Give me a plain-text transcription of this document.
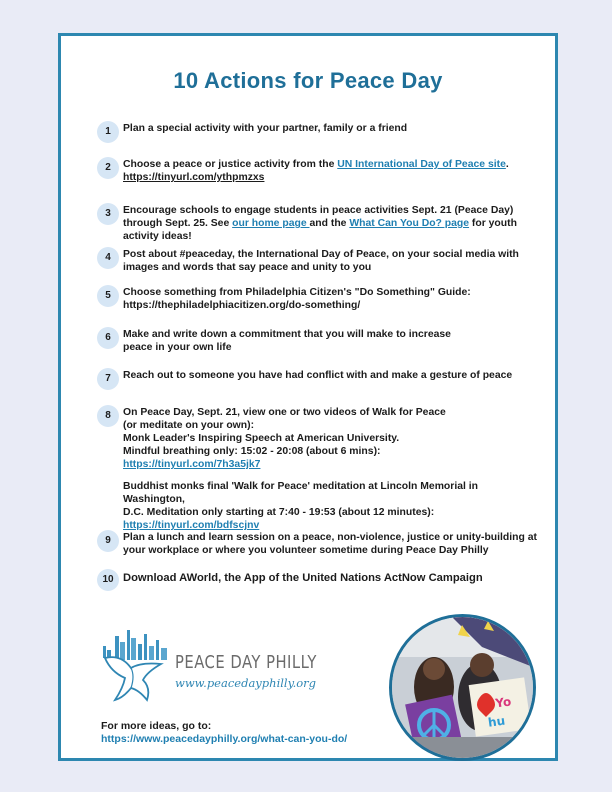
10 Actions for Peace Day
1	Plan a special activity with your partner, family or a friend
2	Choose a peace or justice activity from the UN International Day of Peace site.
https://tinyurl.com/ythpmzxs
3	Encourage schools to engage students in peace activities Sept. 21 (Peace Day) through Sept. 25. See our home page and the What Can You Do? page for youth activity ideas!
4	Post about #peaceday, the International Day of Peace, on your social media with
images and words that say peace and unity to you
5	Choose something from Philadelphia Citizen's "Do Something" Guide:
https://thephiladelphiacitizen.org/do-something/
6	Make and write down a commitment that you will make to increase
peace in your own life
7	Reach out to someone you have had conflict with and make a gesture of peace
8	On Peace Day, Sept. 21, view one or two videos of Walk for Peace
(or meditate on your own):
Monk Leader's Inspiring Speech at American University.
Mindful breathing only: 15:02 - 20:08 (about 6 mins):
https://tinyurl.com/7h3a5jk7
Buddhist monks final 'Walk for Peace' meditation at Lincoln Memorial in Washington,
D.C. Meditation only starting at 7:40 - 19:53 (about 12 minutes):
https://tinyurl.com/bdfscjnv
9	Plan a lunch and learn session on a peace, non-violence, justice or unity-building at
your workplace or where you volunteer sometime during Peace Day Philly
10 Download AWorld, the App of the United Nations ActNow Campaign
PEACE DAY PHILLY
www.peacedayphilly.org
Yo
hu
For more ideas, go to:
https://www.peacedayphilly.org/what-can-you-do/
